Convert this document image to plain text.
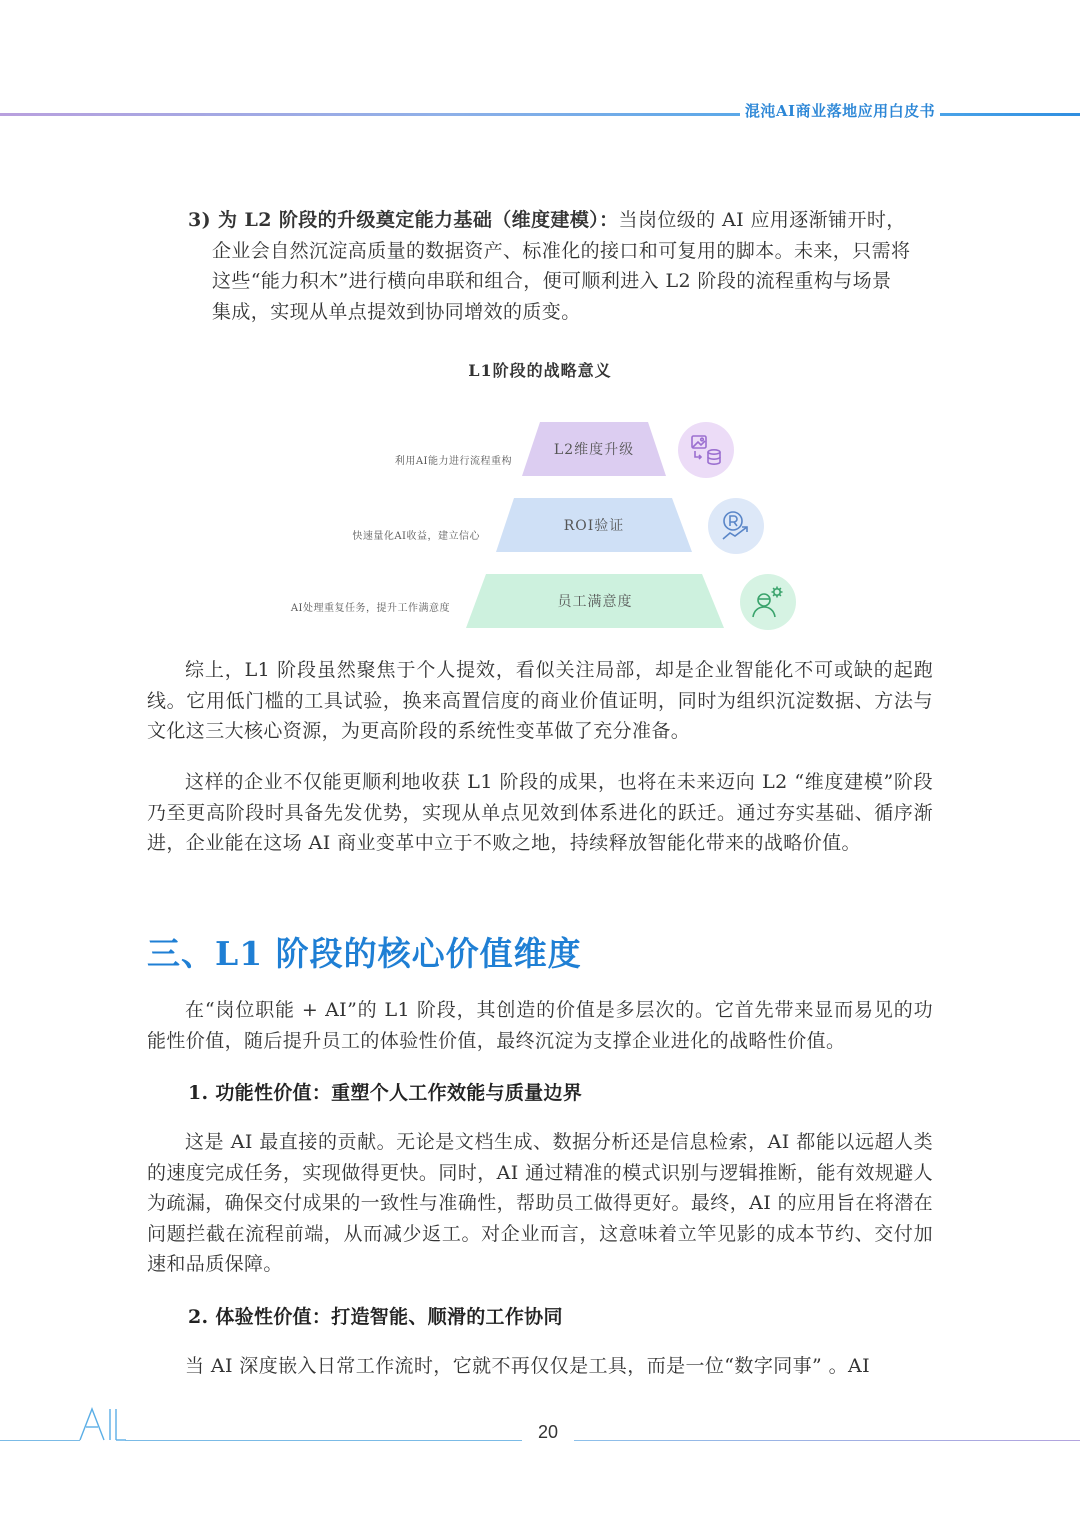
混沌AI商业落地应用白皮书
3) 为 L2 阶段的升级奠定能力基础（维度建模）：当岗位级的 AI 应用逐渐铺开时，
企业会自然沉淀高质量的数据资产、标准化的接口和可复用的脚本。未来，只需将
这些“能力积木”进行横向串联和组合，便可顺利进入 L2 阶段的流程重构与场景
集成，实现从单点提效到协同增效的质变。
L1阶段的战略意义
L2维度升级
ROI验证
员工满意度
利用AI能力进行流程重构
快速量化AI收益，建立信心
AI处理重复任务，提升工作满意度
综上，L1 阶段虽然聚焦于个人提效，看似关注局部，却是企业智能化不可或缺的起跑线。它用低门槛的工具试验，换来高置信度的商业价值证明，同时为组织沉淀数据、方法与文化这三大核心资源，为更高阶段的系统性变革做了充分准备。
这样的企业不仅能更顺利地收获 L1 阶段的成果，也将在未来迈向 L2 “维度建模”阶段乃至更高阶段时具备先发优势，实现从单点见效到体系进化的跃迁。通过夯实基础、循序渐进，企业能在这场 AI 商业变革中立于不败之地，持续释放智能化带来的战略价值。
三、L1 阶段的核心价值维度
在“岗位职能 + AI”的 L1 阶段，其创造的价值是多层次的。它首先带来显而易见的功能性价值，随后提升员工的体验性价值，最终沉淀为支撑企业进化的战略性价值。
1. 功能性价值：重塑个人工作效能与质量边界
这是 AI 最直接的贡献。无论是文档生成、数据分析还是信息检索，AI 都能以远超人类的速度完成任务，实现做得更快。同时，AI 通过精准的模式识别与逻辑推断，能有效规避人为疏漏，确保交付成果的一致性与准确性，帮助员工做得更好。最终，AI 的应用旨在将潜在问题拦截在流程前端，从而减少返工。对企业而言，这意味着立竿见影的成本节约、交付加速和品质保障。
2. 体验性价值：打造智能、顺滑的工作协同
当 AI 深度嵌入日常工作流时，它就不再仅仅是工具，而是一位“数字同事” 。AI
20
